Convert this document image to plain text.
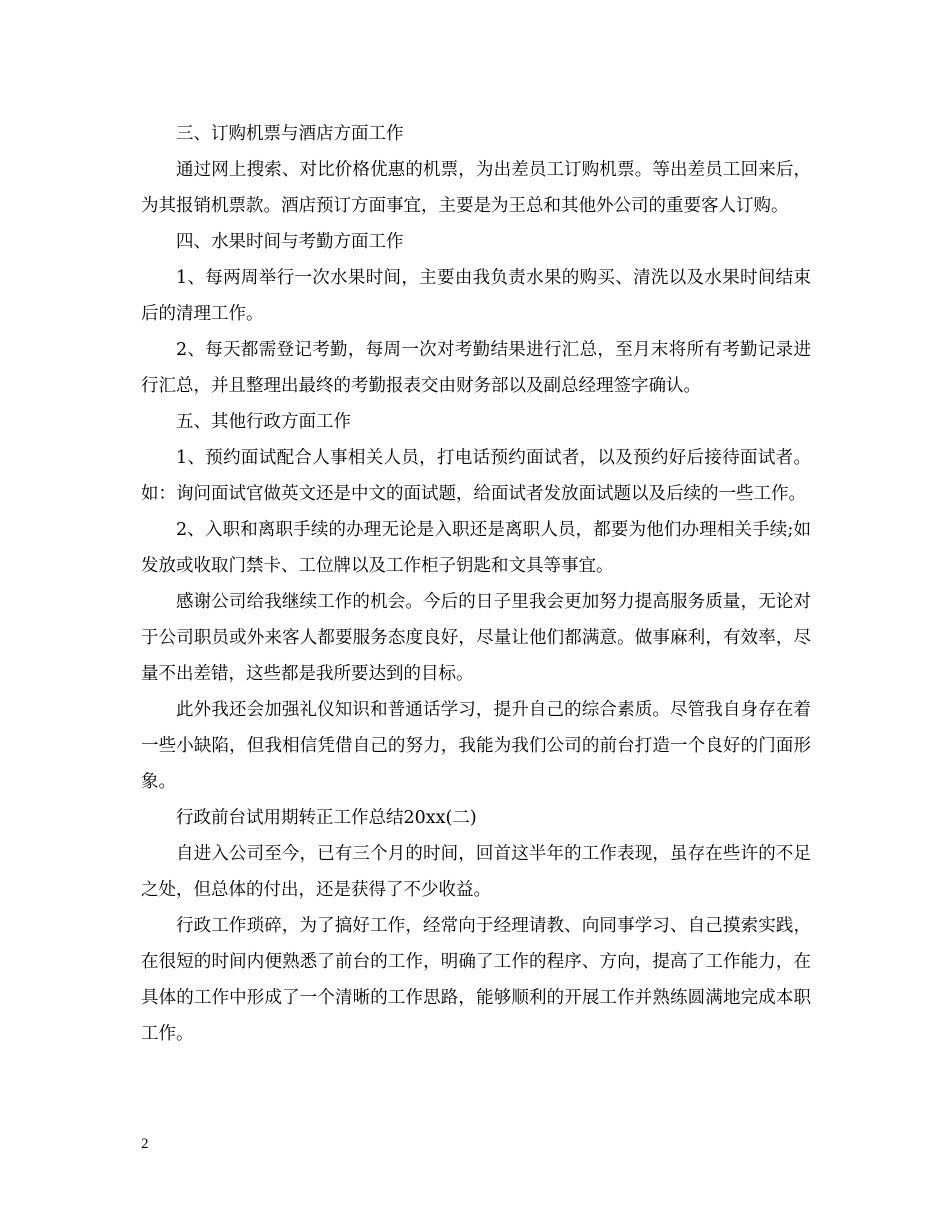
三、订购机票与酒店方面工作

通过网上搜索、对比价格优惠的机票，为出差员工订购机票。等出差员工回来后，为其报销机票款。酒店预订方面事宜，主要是为王总和其他外公司的重要客人订购。

四、水果时间与考勤方面工作

1、每两周举行一次水果时间，主要由我负责水果的购买、清洗以及水果时间结束后的清理工作。

2、每天都需登记考勤，每周一次对考勤结果进行汇总，至月末将所有考勤记录进行汇总，并且整理出最终的考勤报表交由财务部以及副总经理签字确认。

五、其他行政方面工作

1、预约面试配合人事相关人员，打电话预约面试者，以及预约好后接待面试者。如：询问面试官做英文还是中文的面试题，给面试者发放面试题以及后续的一些工作。

2、入职和离职手续的办理无论是入职还是离职人员，都要为他们办理相关手续;如发放或收取门禁卡、工位牌以及工作柜子钥匙和文具等事宜。

感谢公司给我继续工作的机会。今后的日子里我会更加努力提高服务质量，无论对于公司职员或外来客人都要服务态度良好，尽量让他们都满意。做事麻利，有效率，尽量不出差错，这些都是我所要达到的目标。

此外我还会加强礼仪知识和普通话学习，提升自己的综合素质。尽管我自身存在着一些小缺陷，但我相信凭借自己的努力，我能为我们公司的前台打造一个良好的门面形象。

行政前台试用期转正工作总结20xx(二)

自进入公司至今，已有三个月的时间，回首这半年的工作表现，虽存在些许的不足之处，但总体的付出，还是获得了不少收益。

行政工作琐碎，为了搞好工作，经常向于经理请教、向同事学习、自己摸索实践，在很短的时间内便熟悉了前台的工作，明确了工作的程序、方向，提高了工作能力，在具体的工作中形成了一个清晰的工作思路，能够顺利的开展工作并熟练圆满地完成本职工作。

2
